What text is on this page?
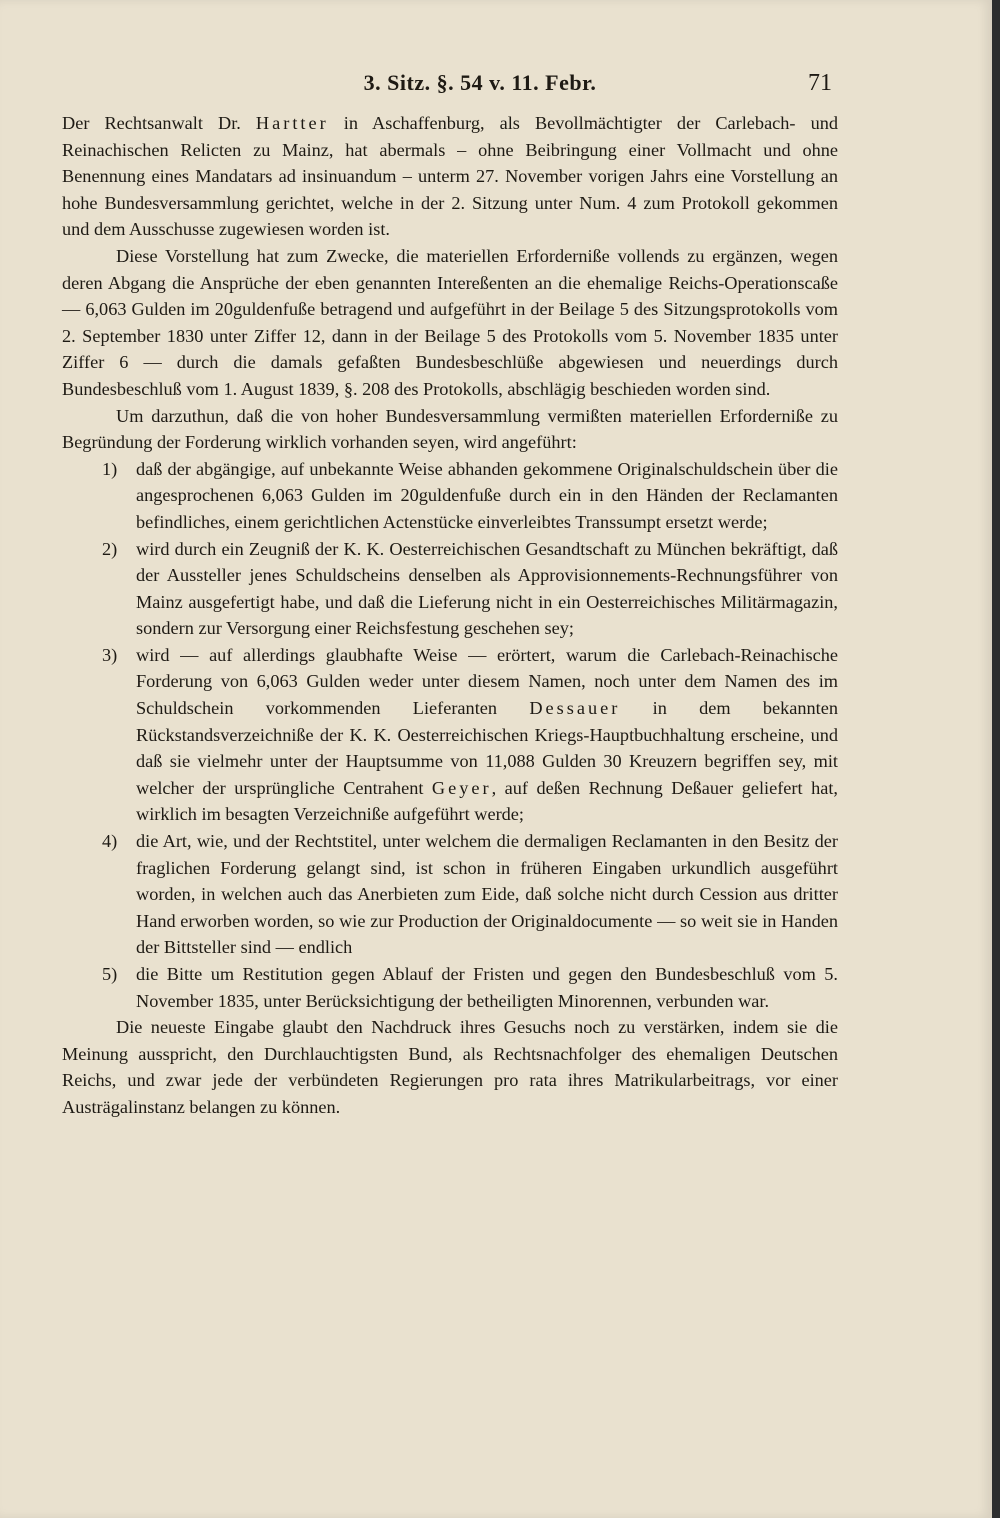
3. Sitz. §. 54 v. 11. Febr.	71

Der Rechtsanwalt Dr. Hartter in Aschaffenburg, als Bevollmächtigter der Carlebach- und Reinachischen Relicten zu Mainz, hat abermals – ohne Beibringung einer Vollmacht und ohne Benennung eines Mandatars ad insinuandum – unterm 27. November vorigen Jahrs eine Vorstellung an hohe Bundesversammlung gerichtet, welche in der 2. Sitzung unter Num. 4 zum Protokoll gekommen und dem Ausschusse zugewiesen worden ist.

Diese Vorstellung hat zum Zwecke, die materiellen Erforderniße vollends zu ergänzen, wegen deren Abgang die Ansprüche der eben genannten Intereßenten an die ehemalige Reichs-Operationscaße — 6,063 Gulden im 20guldenfuße betragend und aufgeführt in der Beilage 5 des Sitzungsprotokolls vom 2. September 1830 unter Ziffer 12, dann in der Beilage 5 des Protokolls vom 5. November 1835 unter Ziffer 6 — durch die damals gefaßten Bundesbeschlüße abgewiesen und neuerdings durch Bundesbeschluß vom 1. August 1839, §. 208 des Protokolls, abschlägig beschieden worden sind.

Um darzuthun, daß die von hoher Bundesversammlung vermißten materiellen Erforderniße zu Begründung der Forderung wirklich vorhanden seyen, wird angeführt:

1)	daß der abgängige, auf unbekannte Weise abhanden gekommene Originalschuldschein über die angesprochenen 6,063 Gulden im 20guldenfuße durch ein in den Händen der Reclamanten befindliches, einem gerichtlichen Actenstücke einverleibtes Transsumpt ersetzt werde;
2)	wird durch ein Zeugniß der K. K. Oesterreichischen Gesandtschaft zu München bekräftigt, daß der Aussteller jenes Schuldscheins denselben als Approvisionnements-Rechnungsführer von Mainz ausgefertigt habe, und daß die Lieferung nicht in ein Oesterreichisches Militärmagazin, sondern zur Versorgung einer Reichsfestung geschehen sey;
3)	wird — auf allerdings glaubhafte Weise — erörtert, warum die Carlebach-Reinachische Forderung von 6,063 Gulden weder unter diesem Namen, noch unter dem Namen des im Schuldschein vorkommenden Lieferanten Dessauer in dem bekannten Rückstandsverzeichniße der K. K. Oesterreichischen Kriegs-Hauptbuchhaltung erscheine, und daß sie vielmehr unter der Hauptsumme von 11,088 Gulden 30 Kreuzern begriffen sey, mit welcher der ursprüngliche Centrahent Geyer, auf deßen Rechnung Deßauer geliefert hat, wirklich im besagten Verzeichniße aufgeführt werde;
4)	die Art, wie, und der Rechtstitel, unter welchem die dermaligen Reclamanten in den Besitz der fraglichen Forderung gelangt sind, ist schon in früheren Eingaben urkundlich ausgeführt worden, in welchen auch das Anerbieten zum Eide, daß solche nicht durch Cession aus dritter Hand erworben worden, so wie zur Production der Originaldocumente — so weit sie in Handen der Bittsteller sind — endlich
5)	die Bitte um Restitution gegen Ablauf der Fristen und gegen den Bundesbeschluß vom 5. November 1835, unter Berücksichtigung der betheiligten Minorennen, verbunden war.

Die neueste Eingabe glaubt den Nachdruck ihres Gesuchs noch zu verstärken, indem sie die Meinung ausspricht, den Durchlauchtigsten Bund, als Rechtsnachfolger des ehemaligen Deutschen Reichs, und zwar jede der verbündeten Regierungen pro rata ihres Matrikularbeitrags, vor einer Austrägalinstanz belangen zu können.
